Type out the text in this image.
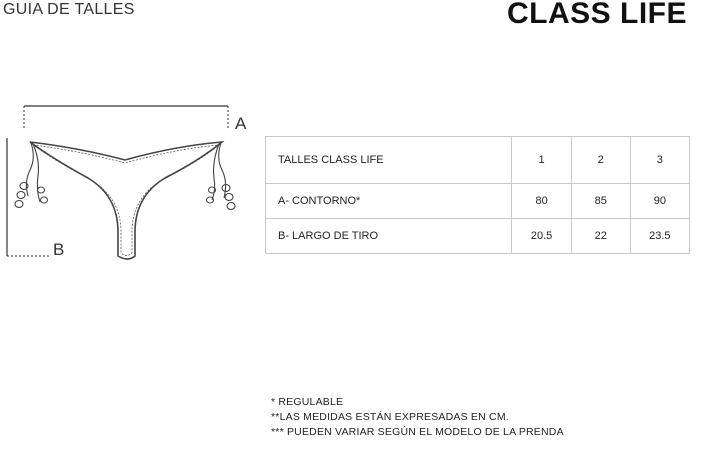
GUIA DE TALLES	CLASS LIFE
A
B
TALLES CLASS LIFE	1	2	3
A- CONTORNO*	80	85	90
B- LARGO DE TIRO	20.5	22	23.5
* REGULABLE
**LAS MEDIDAS ESTÁN EXPRESADAS EN CM.
*** PUEDEN VARIAR SEGÚN EL MODELO DE LA PRENDA
